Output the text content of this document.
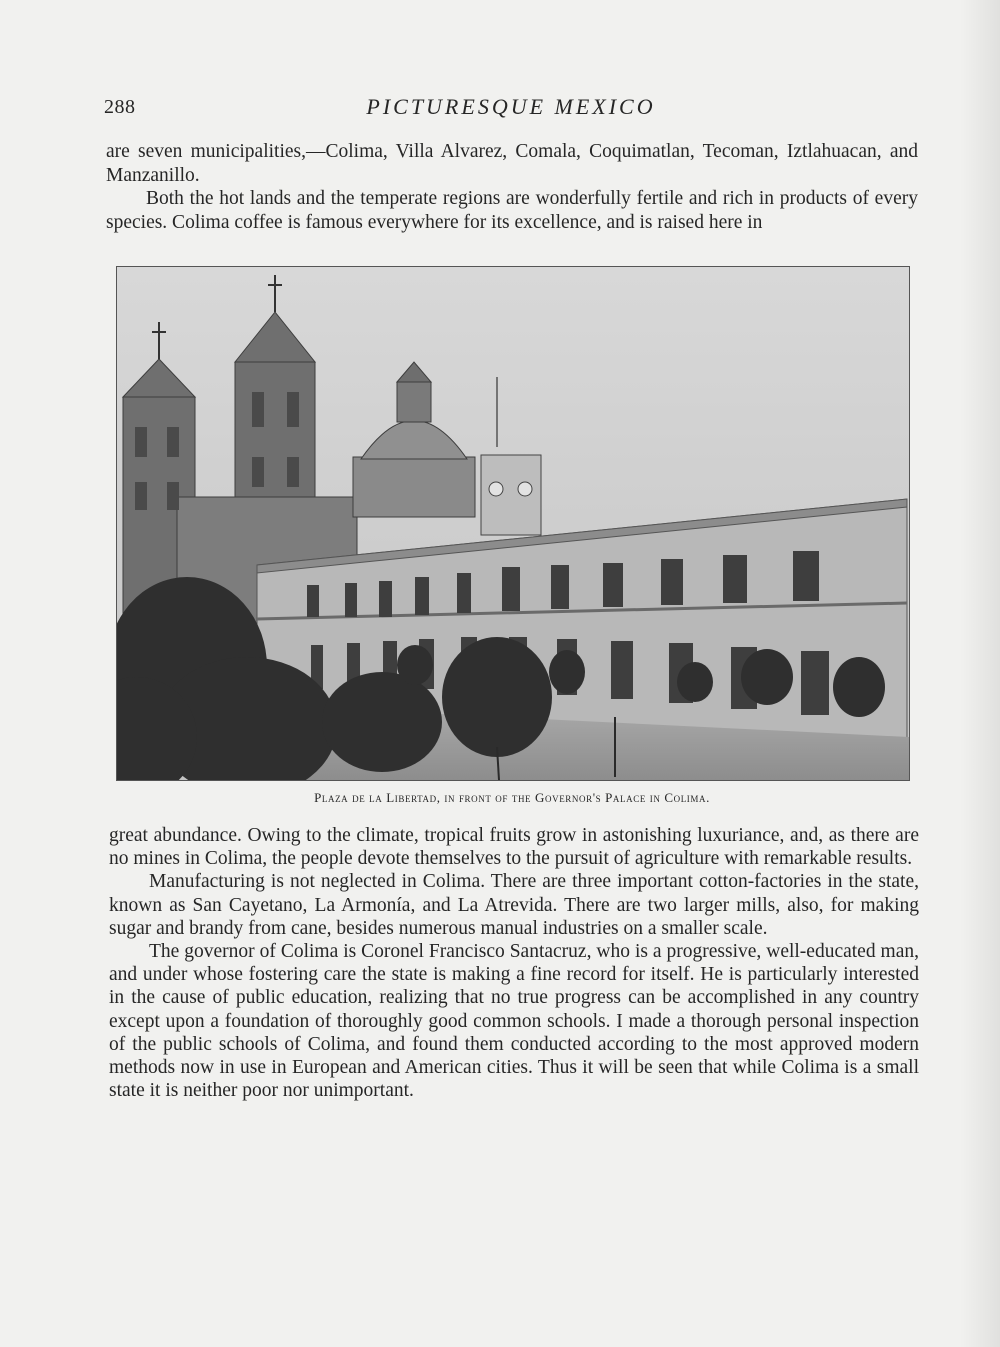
288	PICTURESQUE MEXICO

are seven municipalities,—Colima, Villa Alvarez, Comala, Coquimatlan, Tecoman, Iztlahuacan, and Manzanillo.

Both the hot lands and the temperate regions are wonderfully fertile and rich in products of every species. Colima coffee is famous everywhere for its excellence, and is raised here in

Plaza de la Libertad, in front of the Governor's Palace in Colima.

great abundance. Owing to the climate, tropical fruits grow in astonishing luxuriance, and, as there are no mines in Colima, the people devote themselves to the pursuit of agriculture with remarkable results.

Manufacturing is not neglected in Colima. There are three important cotton-factories in the state, known as San Cayetano, La Armonía, and La Atrevida. There are two larger mills, also, for making sugar and brandy from cane, besides numerous manual industries on a smaller scale.

The governor of Colima is Coronel Francisco Santacruz, who is a progressive, well-educated man, and under whose fostering care the state is making a fine record for itself. He is particularly interested in the cause of public education, realizing that no true progress can be accomplished in any country except upon a foundation of thoroughly good common schools. I made a thorough personal inspection of the public schools of Colima, and found them conducted according to the most approved modern methods now in use in European and American cities. Thus it will be seen that while Colima is a small state it is neither poor nor unimportant.
